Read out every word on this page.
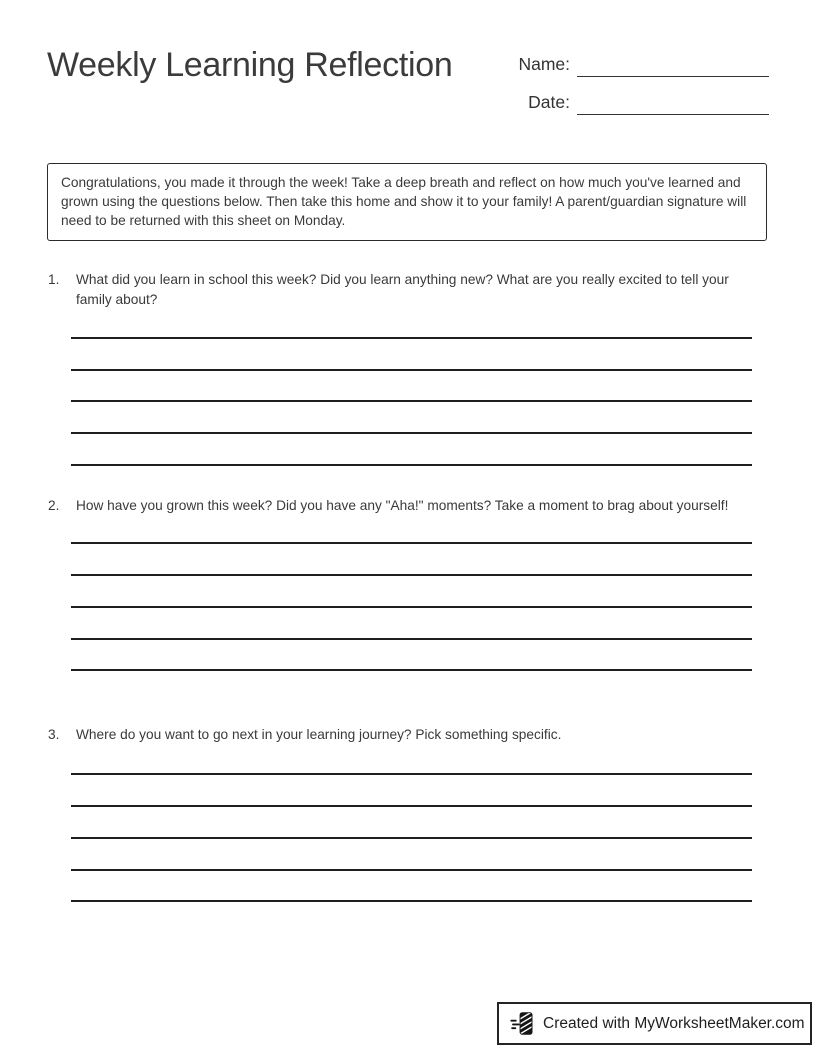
Weekly Learning Reflection	Name:
Date:
Congratulations, you made it through the week! Take a deep breath and reflect on how much you've learned and grown using the questions below. Then take this home and show it to your family! A parent/guardian signature will need to be returned with this sheet on Monday.
1.	What did you learn in school this week? Did you learn anything new? What are you really excited to tell your family about?
2.	How have you grown this week? Did you have any "Aha!" moments? Take a moment to brag about yourself!
3.	Where do you want to go next in your learning journey? Pick something specific.
Created with MyWorksheetMaker.com
